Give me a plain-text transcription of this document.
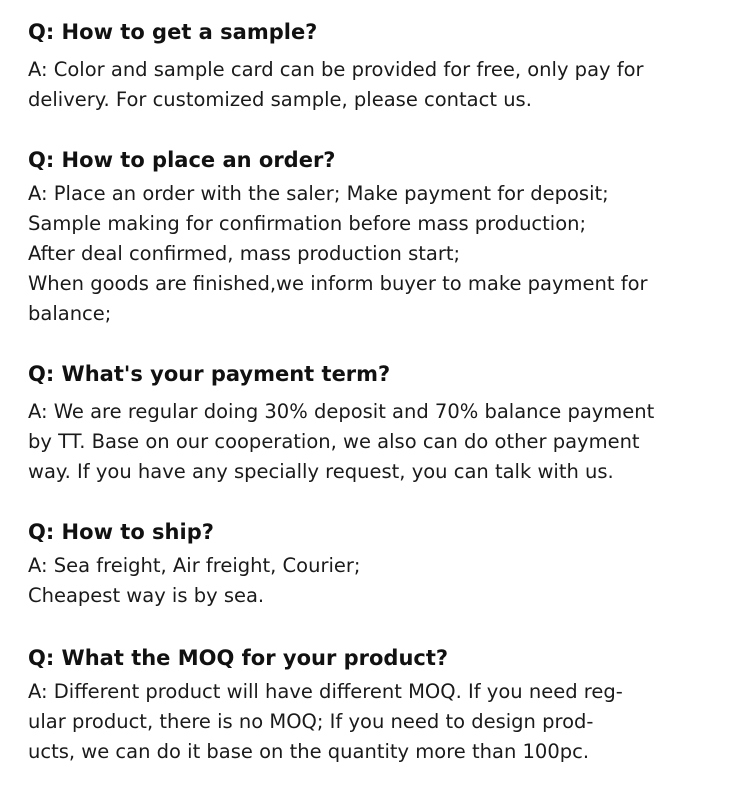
Q: How to get a sample?

A: Color and sample card can be provided for free, only pay for
delivery. For customized sample, please contact us.

Q: How to place an order?

A: Place an order with the saler; Make payment for deposit;
Sample making for confirmation before mass production;
After deal confirmed, mass production start;
When goods are finished,we inform buyer to make payment for
balance;

Q: What's your payment term?

A: We are regular doing 30% deposit and 70% balance payment
by TT. Base on our cooperation, we also can do other payment
way. If you have any specially request, you can talk with us.

Q: How to ship?

A: Sea freight, Air freight, Courier;
Cheapest way is by sea.

Q: What the MOQ for your product?

A: Different product will have different MOQ. If you need reg-
ular product, there is no MOQ; If you need to design prod-
ucts, we can do it base on the quantity more than 100pc.
